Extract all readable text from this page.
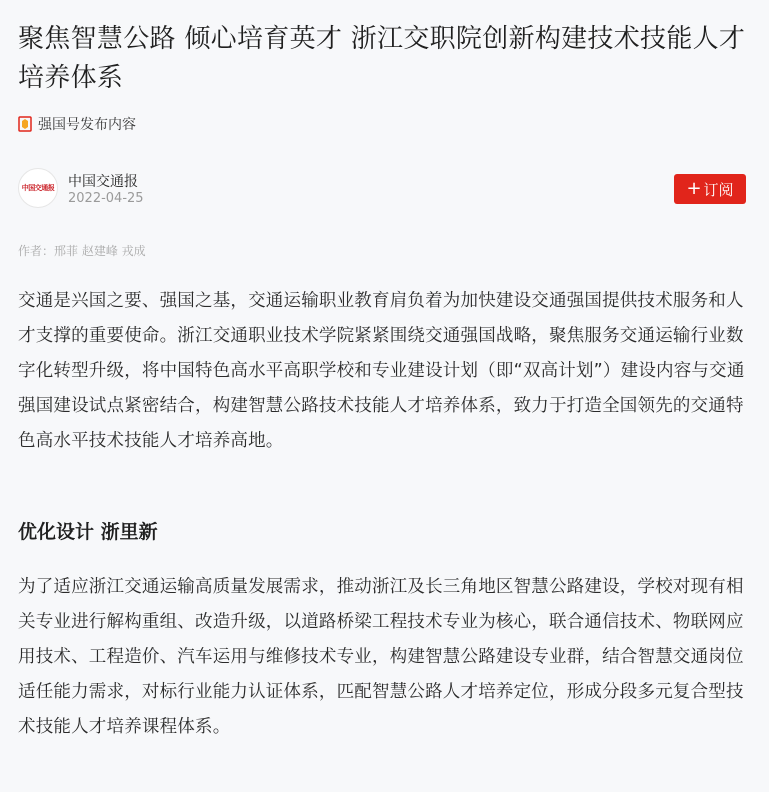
聚焦智慧公路 倾心培育英才 浙江交职院创新构建技术技能人才培养体系
强国号发布内容
中国交通报 中国交通报
2022-04-25	+ 订阅
作者：邢菲 赵建峰 戎成

交通是兴国之要、强国之基，交通运输职业教育肩负着为加快建设交通强国提供技术服务和人才支撑的重要使命。浙江交通职业技术学院紧紧围绕交通强国战略，聚焦服务交通运输行业数字化转型升级，将中国特色高水平高职学校和专业建设计划（即“双高计划”）建设内容与交通强国建设试点紧密结合，构建智慧公路技术技能人才培养体系，致力于打造全国领先的交通特色高水平技术技能人才培养高地。

优化设计 浙里新

为了适应浙江交通运输高质量发展需求，推动浙江及长三角地区智慧公路建设，学校对现有相关专业进行解构重组、改造升级，以道路桥梁工程技术专业为核心，联合通信技术、物联网应用技术、工程造价、汽车运用与维修技术专业，构建智慧公路建设专业群，结合智慧交通岗位适任能力需求，对标行业能力认证体系，匹配智慧公路人才培养定位，形成分段多元复合型技术技能人才培养课程体系。
